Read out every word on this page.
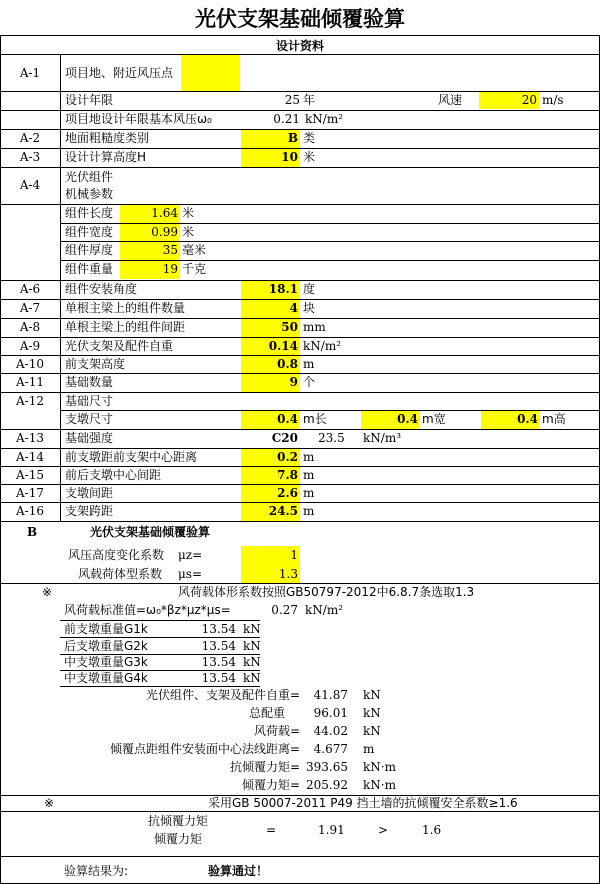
光伏支架基础倾覆验算
设计资料
A-1	项目地、附近风压点
设计年限	25 年	风速	20 m/s
项目地设计年限基本风压ω₀	0.21 kN/m²
A-2	地面粗糙度类别	B 类
A-3	设计计算高度H	10 米
A-4
光伏组件
机械参数
组件长度	1.64 米
组件宽度	0.99 米
组件厚度	35 毫米
组件重量	19 千克
A-6	组件安装角度	18.1 度
A-7	单根主梁上的组件数量	4 块
A-8	单根主梁上的组件间距	50 mm
A-9	光伏支架及配件自重	0.14 kN/m²
A-10	前支架高度	0.8 m
A-11	基础数量	9 个
A-12	基础尺寸
支墩尺寸	0.4 m长	0.4 m宽	0.4 m高
A-13	基础强度	C20 23.5 kN/m³
A-14	前支墩距前支架中心距离	0.2 m
A-15	前后支墩中心间距	7.8 m
A-17	支墩间距	2.6 m
A-16	支架跨距	24.5 m
B	光伏支架基础倾覆验算
风压高度变化系数 μz=	1
风载荷体型系数 μs=	1.3
※	风荷载体形系数按照GB50797-2012中6.8.7条选取1.3
风荷载标准值=ω₀*βz*μz*μs=	0.27 kN/m²
前支墩重量G1k	13.54 kN
后支墩重量G2k	13.54 kN
中支墩重量G3k	13.54 kN
中支墩重量G4k	13.54 kN
光伏组件、支架及配件自重=	41.87 kN
总配重	96.01 kN
风荷载=	44.02 kN
倾覆点距组件安装面中心法线距离=	4.677 m
抗倾覆力矩= 393.65 kN·m
倾覆力矩= 205.92 kN·m
※	采用GB 50007-2011 P49 挡土墙的抗倾覆安全系数≥1.6
抗倾覆力矩
倾覆力矩
=	1.91	>	1.6
验算结果为:	验算通过！
